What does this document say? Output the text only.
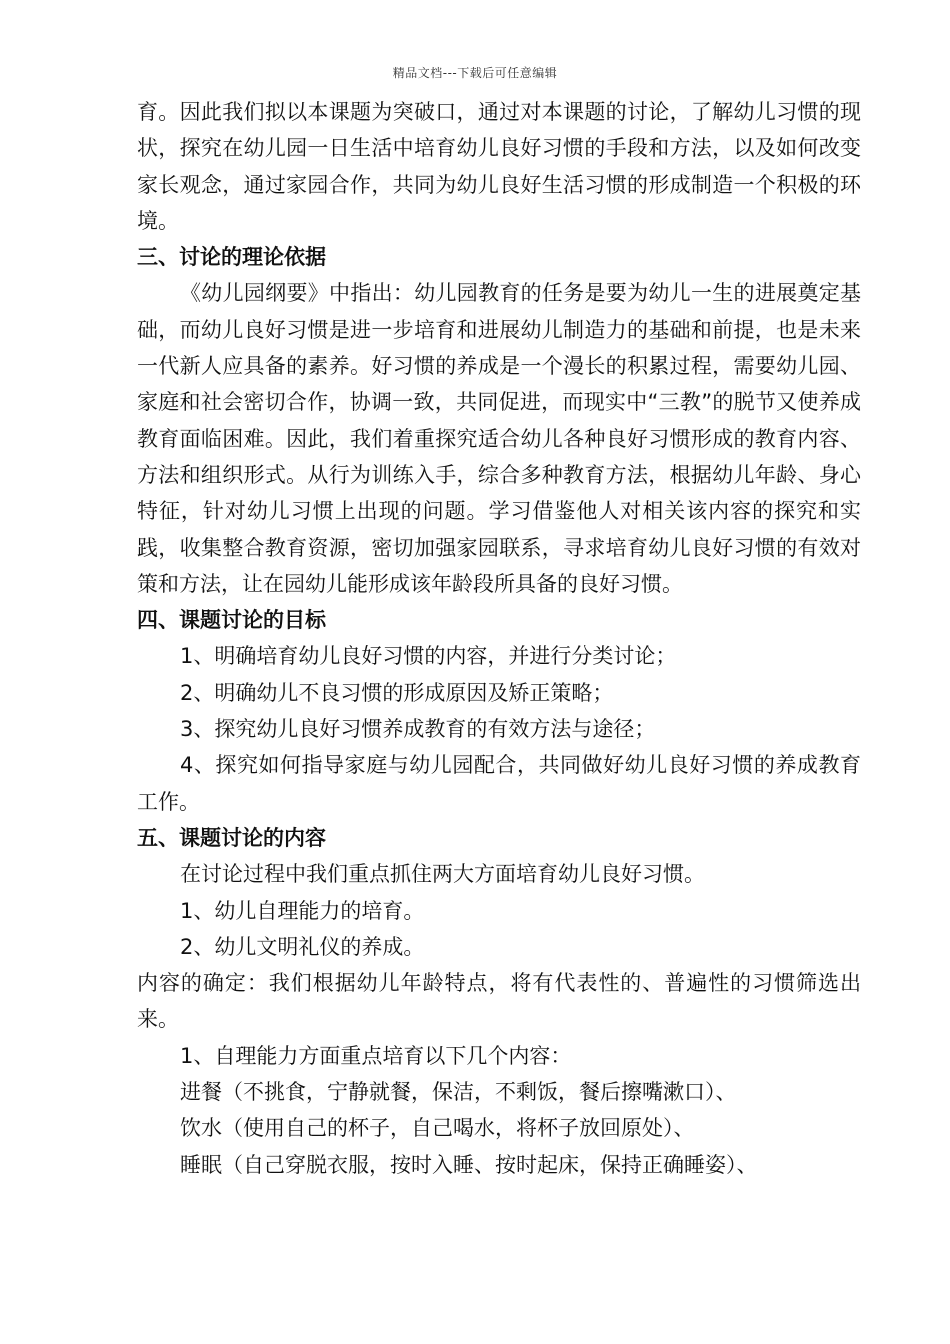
精品文档---下载后可任意编辑

育。因此我们拟以本课题为突破口，通过对本课题的讨论，了解幼儿习惯的现状，探究在幼儿园一日生活中培育幼儿良好习惯的手段和方法，以及如何改变家长观念，通过家园合作，共同为幼儿良好生活习惯的形成制造一个积极的环境。

三、讨论的理论依据

《幼儿园纲要》中指出：幼儿园教育的任务是要为幼儿一生的进展奠定基础，而幼儿良好习惯是进一步培育和进展幼儿制造力的基础和前提，也是未来一代新人应具备的素养。好习惯的养成是一个漫长的积累过程，需要幼儿园、家庭和社会密切合作，协调一致，共同促进，而现实中“三教”的脱节又使养成教育面临困难。因此，我们着重探究适合幼儿各种良好习惯形成的教育内容、方法和组织形式。从行为训练入手，综合多种教育方法，根据幼儿年龄、身心特征，针对幼儿习惯上出现的问题。学习借鉴他人对相关该内容的探究和实践，收集整合教育资源，密切加强家园联系，寻求培育幼儿良好习惯的有效对策和方法，让在园幼儿能形成该年龄段所具备的良好习惯。

四、课题讨论的目标

1、明确培育幼儿良好习惯的内容，并进行分类讨论；

2、明确幼儿不良习惯的形成原因及矫正策略；

3、探究幼儿良好习惯养成教育的有效方法与途径；

4、探究如何指导家庭与幼儿园配合，共同做好幼儿良好习惯的养成教育工作。

五、课题讨论的内容

在讨论过程中我们重点抓住两大方面培育幼儿良好习惯。

1、幼儿自理能力的培育。

2、幼儿文明礼仪的养成。

内容的确定：我们根据幼儿年龄特点，将有代表性的、普遍性的习惯筛选出来。

1、自理能力方面重点培育以下几个内容：

进餐（不挑食，宁静就餐，保洁，不剩饭，餐后擦嘴漱口）、

饮水（使用自己的杯子，自己喝水，将杯子放回原处）、

睡眠（自己穿脱衣服，按时入睡、按时起床，保持正确睡姿）、
